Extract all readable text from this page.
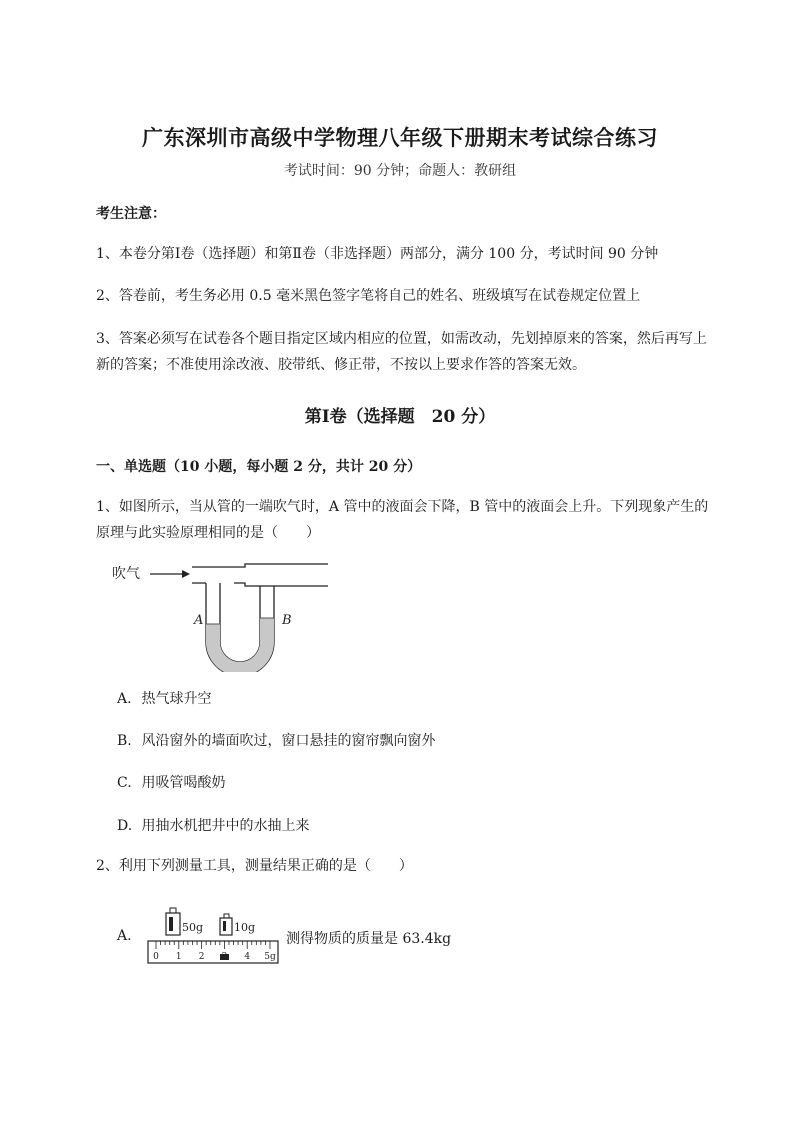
广东深圳市高级中学物理八年级下册期末考试综合练习
考试时间：90 分钟；命题人：教研组
考生注意：
1、本卷分第Ⅰ卷（选择题）和第Ⅱ卷（非选择题）两部分，满分 100 分，考试时间 90 分钟
2、答卷前，考生务必用 0.5 毫米黑色签字笔将自己的姓名、班级填写在试卷规定位置上
3、答案必须写在试卷各个题目指定区域内相应的位置，如需改动，先划掉原来的答案，然后再写上新的答案；不准使用涂改液、胶带纸、修正带，不按以上要求作答的答案无效。
第Ⅰ卷（选择题　20 分）
一、单选题（10 小题，每小题 2 分，共计 20 分）
1、如图所示，当从管的一端吹气时，A 管中的液面会下降，B 管中的液面会上升。下列现象产生的原理与此实验原理相同的是（　　）
吹气
A	B
A. 热气球升空
B. 风沿窗外的墙面吹过，窗口悬挂的窗帘飘向窗外
C. 用吸管喝酸奶
D. 用抽水机把井中的水抽上来
2、利用下列测量工具，测量结果正确的是（　　）
A.
50g	10g
0 1 2 3 4 5g
测得物质的质量是 63.4kg
